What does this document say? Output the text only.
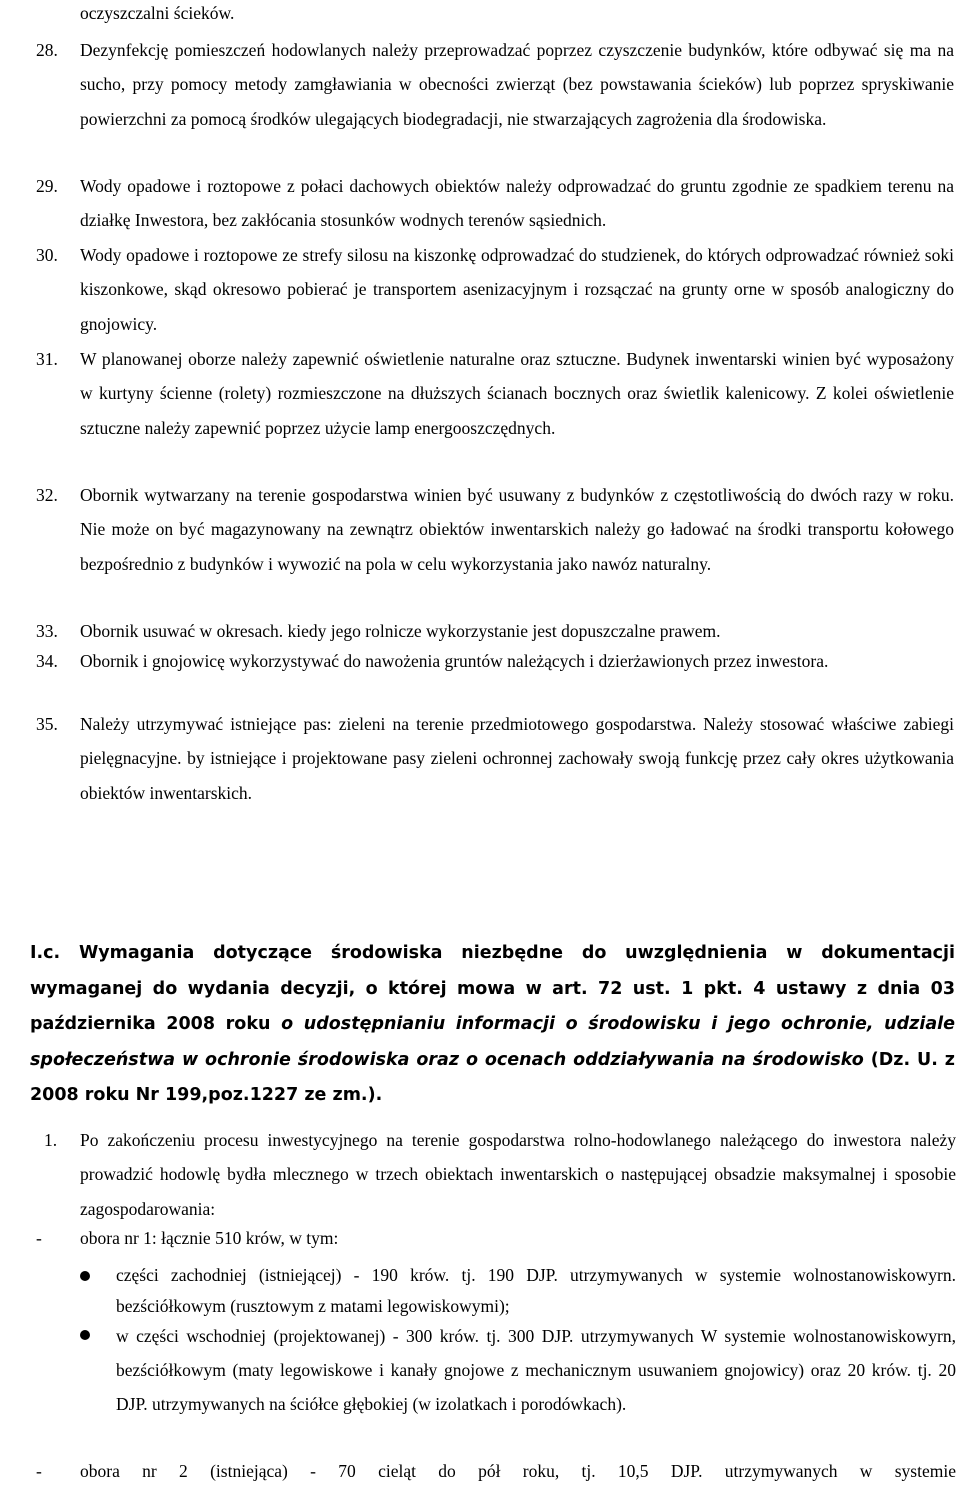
oczyszczalni ścieków.
28.	Dezynfekcję pomieszczeń hodowlanych należy przeprowadzać poprzez czyszczenie budynków, które odbywać się ma na sucho, przy pomocy metody zamgławiania w obecności zwierząt (bez powstawania ścieków) lub poprzez spryskiwanie powierzchni za pomocą środków ulegających biodegradacji, nie stwarzających zagrożenia dla środowiska.
29.	Wody opadowe i roztopowe z połaci dachowych obiektów należy odprowadzać do gruntu zgodnie ze spadkiem terenu na działkę Inwestora, bez zakłócania stosunków wodnych terenów sąsiednich.
30.	Wody opadowe i roztopowe ze strefy silosu na kiszonkę odprowadzać do studzienek, do których odprowadzać również soki kiszonkowe, skąd okresowo pobierać je transportem asenizacyjnym i rozsączać na grunty orne w sposób analogiczny do gnojowicy.
31.	W planowanej oborze należy zapewnić oświetlenie naturalne oraz sztuczne. Budynek inwentarski winien być wyposażony w kurtyny ścienne (rolety) rozmieszczone na dłuższych ścianach bocznych oraz świetlik kalenicowy. Z kolei oświetlenie sztuczne należy zapewnić poprzez użycie lamp energooszczędnych.
32.	Obornik wytwarzany na terenie gospodarstwa winien być usuwany z budynków z częstotliwością do dwóch razy w roku. Nie może on być magazynowany na zewnątrz obiektów inwentarskich należy go ładować na środki transportu kołowego bezpośrednio z budynków i wywozić na pola w celu wykorzystania jako nawóz naturalny.
33.	Obornik usuwać w okresach. kiedy jego rolnicze wykorzystanie jest dopuszczalne prawem.
34.	Obornik i gnojowicę wykorzystywać do nawożenia gruntów należących i dzierżawionych przez inwestora.
35.	Należy utrzymywać istniejące pas: zieleni na terenie przedmiotowego gospodarstwa. Należy stosować właściwe zabiegi pielęgnacyjne. by istniejące i projektowane pasy zieleni ochronnej zachowały swoją funkcję przez cały okres użytkowania obiektów inwentarskich.
I.c. Wymagania dotyczące środowiska niezbędne do uwzględnienia w dokumentacji wymaganej do wydania decyzji, o której mowa w art. 72 ust. 1 pkt. 4 ustawy z dnia 03 października 2008 roku o udostępnianiu informacji o środowisku i jego ochronie, udziale społeczeństwa w ochronie środowiska oraz o ocenach oddziaływania na środowisko (Dz. U. z 2008 roku Nr 199,poz.1227 ze zm.).
1. Po zakończeniu procesu inwestycyjnego na terenie gospodarstwa rolno-hodowlanego należącego do inwestora należy prowadzić hodowlę bydła mlecznego w trzech obiektach inwentarskich o następującej obsadzie maksymalnej i sposobie zagospodarowania:
-	obora nr 1: łącznie 510 krów, w tym:
części zachodniej (istniejącej) - 190 krów. tj. 190 DJP. utrzymywanych w systemie wolnostanowiskowyrn. bezściółkowym (rusztowym z matami legowiskowymi);
w części wschodniej (projektowanej) - 300 krów. tj. 300 DJP. utrzymywanych W systemie wolnostanowiskowyrn, bezściółkowym (maty legowiskowe i kanały gnojowe z mechanicznym usuwaniem gnojowicy) oraz 20 krów. tj. 20 DJP. utrzymywanych na ściółce głębokiej (w izolatkach i porodówkach).
-	obora nr 2 (istniejąca) - 70 cieląt do pół roku, tj. 10,5 DJP. utrzymywanych w systemie
